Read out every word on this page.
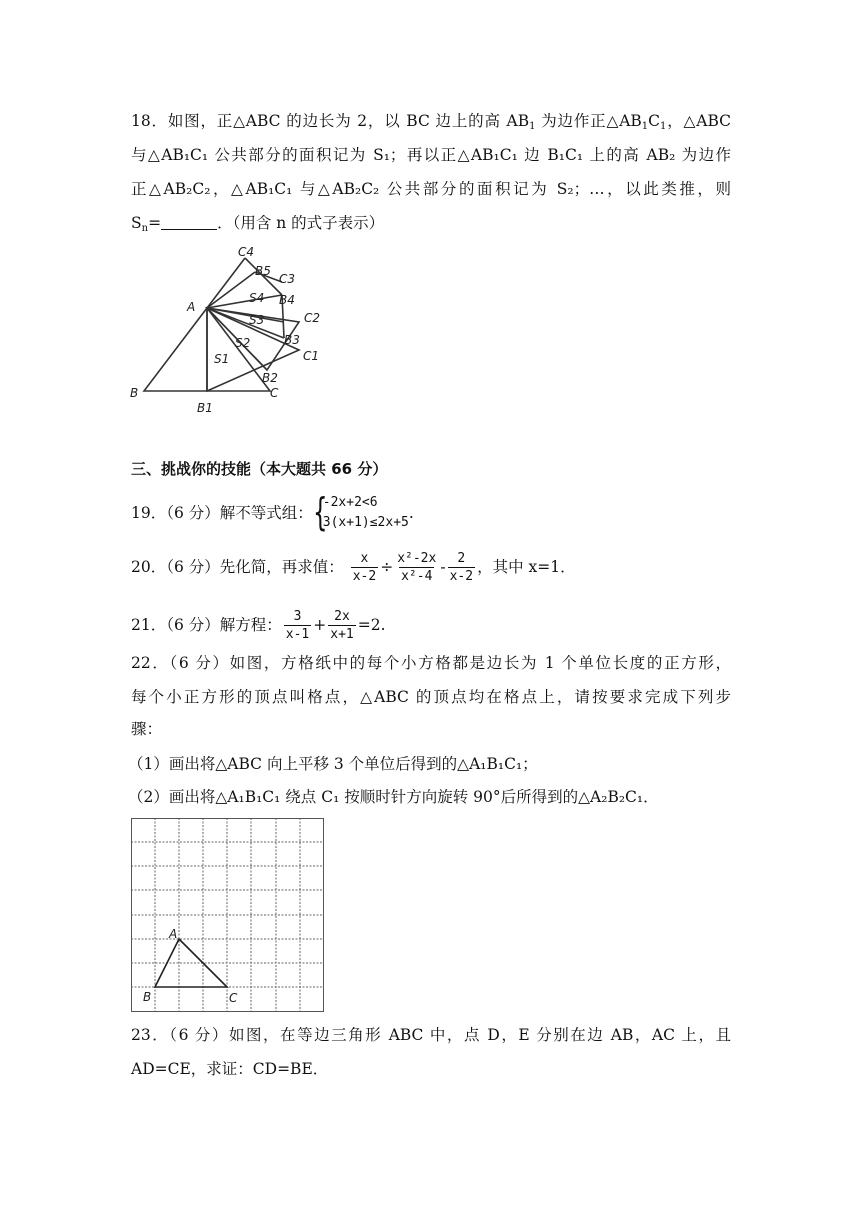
18．如图，正△ABC 的边长为 2，以 BC 边上的高 $AB_1$ 为边作正$\triangle AB_1C_1$，△ABC
与△AB₁C₁ 公共部分的面积记为 S₁；再以正△AB₁C₁ 边 B₁C₁ 上的高 AB₂ 为边作
正△AB₂C₂，△AB₁C₁ 与△AB₂C₂ 公共部分的面积记为 S₂；…，以此类推，则
$S_n=$	．（用含 n 的式子表示）
C4
B5
C3
A
S4 B4
C2
S3
S2	B3
C1
S1
B2
B
B1
C
三、挑战你的技能（本大题共 66 分）
19．（6 分）解不等式组： {
-2x+2<6
3(x+1)≤2x+5
.
20．（6 分）先化简，再求值： $\frac{x}{x-2} \div \frac{\text{x²-2x}}{\text{x²-4}} - \frac{2}{x-2}$ ，其中 x=1．
21．（6 分）解方程： $\frac{3}{x-1} + \frac{2x}{x+1} =2$.
22．（6 分）如图，方格纸中的每个小方格都是边长为 1 个单位长度的正方形，
每个小正方形的顶点叫格点，△ABC 的顶点均在格点上，请按要求完成下列步
骤：
（1）画出将△ABC 向上平移 3 个单位后得到的△A₁B₁C₁；
（2）画出将△A₁B₁C₁ 绕点 C₁ 按顺时针方向旋转 90°后所得到的△A₂B₂C₁．
A
B	C
23．（6 分）如图，在等边三角形 ABC 中，点 D，E 分别在边 AB，AC 上，且
AD=CE，求证：CD=BE．
